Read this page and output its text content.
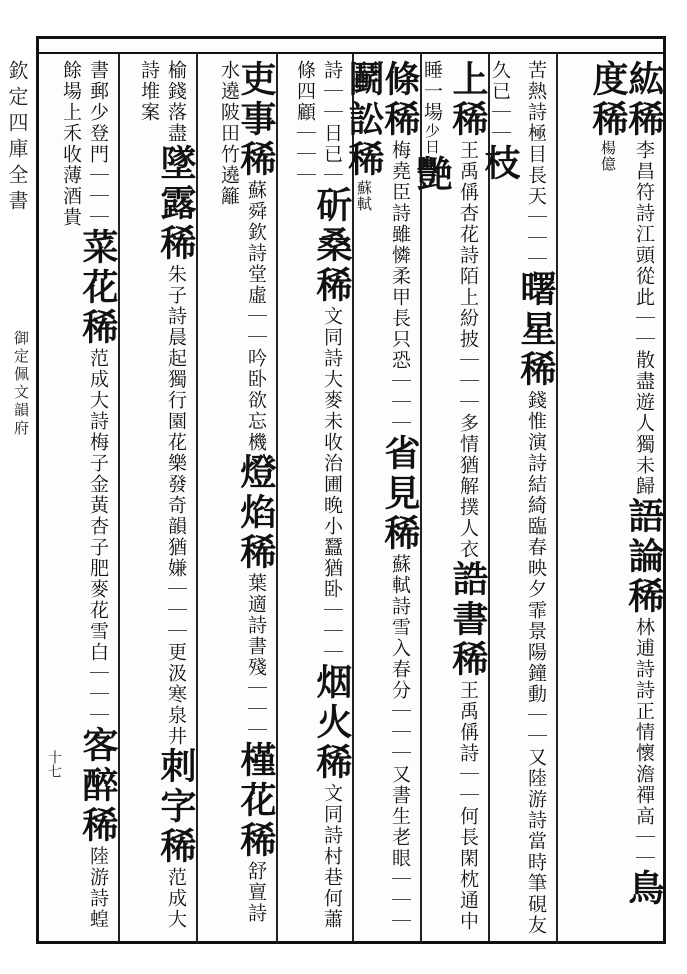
欽定四庫全書
御定佩文韻府
十七
紘稀李昌符詩江頭從此｜｜散盡遊人獨未歸語論稀林逋詩詩正情懷澹禪高｜｜鳥度稀楊億
苦熱詩極目長天｜｜｜曙星稀錢惟演詩結綺臨春映夕霏景陽鐘動｜｜又陸游詩當時筆硯友久已｜｜枝
上稀王禹偁杏花詩陌上紛披｜｜｜多情猶解撲人衣誥書稀王禹偁詩｜｜何長閑枕通中睡一場少日艷
條稀梅堯臣詩雖憐柔甲長只恐｜｜｜省見稀蘇軾詩雪入春分｜｜｜又書生老眼｜｜｜鬬訟稀蘇軾
詩｜｜日已｜斫桑稀文同詩大麥未收治圃晚小蠶猶卧｜｜｜烟火稀文同詩村巷何蕭條四顧｜｜｜
吏事稀蘇舜欽詩堂虛｜｜吟卧欲忘機燈焰稀葉適詩書殘｜｜｜槿花稀舒亶詩水遶陂田竹遶籬
榆錢落盡墜露稀朱子詩晨起獨行園花樂發奇韻猶嫌｜｜｜更汲寒泉井刺字稀范成大詩堆案
書郵少登門｜｜｜菜花稀范成大詩梅子金黃杏子肥麥花雪白｜｜｜客醉稀陸游詩蝗餘場上禾收薄酒貴
